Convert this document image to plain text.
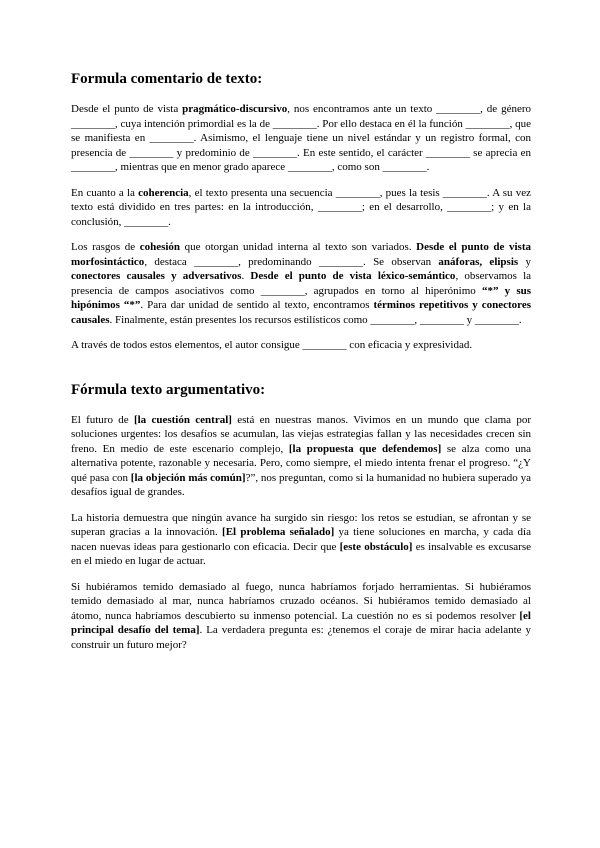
Formula comentario de texto:

Desde el punto de vista pragmático-discursivo, nos encontramos ante un texto ________, de género ________, cuya intención primordial es la de ________. Por ello destaca en él la función ________, que se manifiesta en ________. Asimismo, el lenguaje tiene un nivel estándar y un registro formal, con presencia de ________ y predominio de ________. En este sentido, el carácter ________ se aprecia en ________, mientras que en menor grado aparece ________, como son ________.

En cuanto a la coherencia, el texto presenta una secuencia ________, pues la tesis ________. A su vez texto está dividido en tres partes: en la introducción, ________; en el desarrollo, ________; y en la conclusión, ________.

Los rasgos de cohesión que otorgan unidad interna al texto son variados. Desde el punto de vista morfosintáctico, destaca ________, predominando ________. Se observan anáforas, elipsis y conectores causales y adversativos. Desde el punto de vista léxico-semántico, observamos la presencia de campos asociativos como ________, agrupados en torno al hiperónimo “*” y sus hipónimos “*”. Para dar unidad de sentido al texto, encontramos términos repetitivos y conectores causales. Finalmente, están presentes los recursos estilísticos como ________, ________ y ________.

A través de todos estos elementos, el autor consigue ________ con eficacia y expresividad.

Fórmula texto argumentativo:

El futuro de [la cuestión central] está en nuestras manos. Vivimos en un mundo que clama por soluciones urgentes: los desafíos se acumulan, las viejas estrategias fallan y las necesidades crecen sin freno. En medio de este escenario complejo, [la propuesta que defendemos] se alza como una alternativa potente, razonable y necesaria. Pero, como siempre, el miedo intenta frenar el progreso. “¿Y qué pasa con [la objeción más común]?”, nos preguntan, como si la humanidad no hubiera superado ya desafíos igual de grandes.

La historia demuestra que ningún avance ha surgido sin riesgo: los retos se estudian, se afrontan y se superan gracias a la innovación. [El problema señalado] ya tiene soluciones en marcha, y cada día nacen nuevas ideas para gestionarlo con eficacia. Decir que [este obstáculo] es insalvable es excusarse en el miedo en lugar de actuar.

Si hubiéramos temido demasiado al fuego, nunca habríamos forjado herramientas. Si hubiéramos temido demasiado al mar, nunca habríamos cruzado océanos. Si hubiéramos temido demasiado al átomo, nunca habríamos descubierto su inmenso potencial. La cuestión no es si podemos resolver [el principal desafío del tema]. La verdadera pregunta es: ¿tenemos el coraje de mirar hacia adelante y construir un futuro mejor?
